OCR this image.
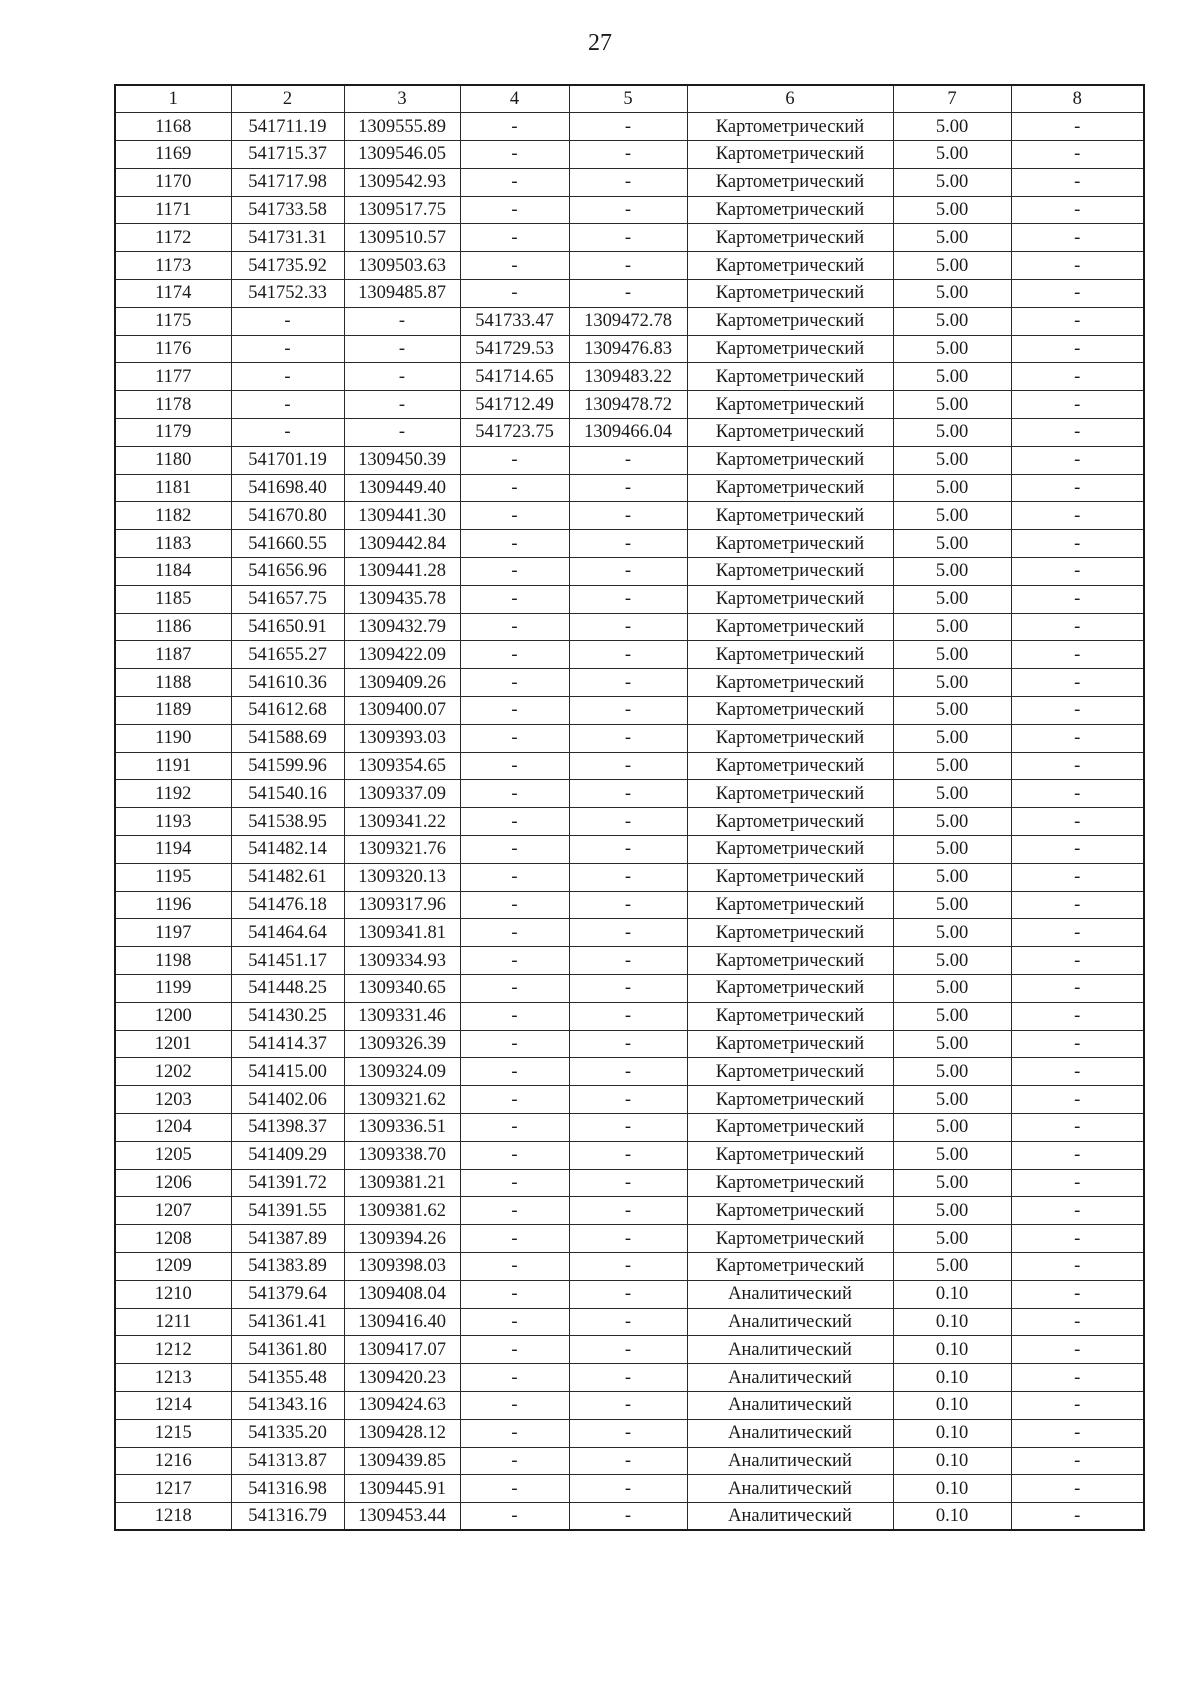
27
1	2	3	4	5	6	7	8
1168	541711.19	1309555.89	-	-	Картометрический	5.00	-
1169	541715.37	1309546.05	-	-	Картометрический	5.00	-
1170	541717.98	1309542.93	-	-	Картометрический	5.00	-
1171	541733.58	1309517.75	-	-	Картометрический	5.00	-
1172	541731.31	1309510.57	-	-	Картометрический	5.00	-
1173	541735.92	1309503.63	-	-	Картометрический	5.00	-
1174	541752.33	1309485.87	-	-	Картометрический	5.00	-
1175	-	-	541733.47	1309472.78	Картометрический	5.00	-
1176	-	-	541729.53	1309476.83	Картометрический	5.00	-
1177	-	-	541714.65	1309483.22	Картометрический	5.00	-
1178	-	-	541712.49	1309478.72	Картометрический	5.00	-
1179	-	-	541723.75	1309466.04	Картометрический	5.00	-
1180	541701.19	1309450.39	-	-	Картометрический	5.00	-
1181	541698.40	1309449.40	-	-	Картометрический	5.00	-
1182	541670.80	1309441.30	-	-	Картометрический	5.00	-
1183	541660.55	1309442.84	-	-	Картометрический	5.00	-
1184	541656.96	1309441.28	-	-	Картометрический	5.00	-
1185	541657.75	1309435.78	-	-	Картометрический	5.00	-
1186	541650.91	1309432.79	-	-	Картометрический	5.00	-
1187	541655.27	1309422.09	-	-	Картометрический	5.00	-
1188	541610.36	1309409.26	-	-	Картометрический	5.00	-
1189	541612.68	1309400.07	-	-	Картометрический	5.00	-
1190	541588.69	1309393.03	-	-	Картометрический	5.00	-
1191	541599.96	1309354.65	-	-	Картометрический	5.00	-
1192	541540.16	1309337.09	-	-	Картометрический	5.00	-
1193	541538.95	1309341.22	-	-	Картометрический	5.00	-
1194	541482.14	1309321.76	-	-	Картометрический	5.00	-
1195	541482.61	1309320.13	-	-	Картометрический	5.00	-
1196	541476.18	1309317.96	-	-	Картометрический	5.00	-
1197	541464.64	1309341.81	-	-	Картометрический	5.00	-
1198	541451.17	1309334.93	-	-	Картометрический	5.00	-
1199	541448.25	1309340.65	-	-	Картометрический	5.00	-
1200	541430.25	1309331.46	-	-	Картометрический	5.00	-
1201	541414.37	1309326.39	-	-	Картометрический	5.00	-
1202	541415.00	1309324.09	-	-	Картометрический	5.00	-
1203	541402.06	1309321.62	-	-	Картометрический	5.00	-
1204	541398.37	1309336.51	-	-	Картометрический	5.00	-
1205	541409.29	1309338.70	-	-	Картометрический	5.00	-
1206	541391.72	1309381.21	-	-	Картометрический	5.00	-
1207	541391.55	1309381.62	-	-	Картометрический	5.00	-
1208	541387.89	1309394.26	-	-	Картометрический	5.00	-
1209	541383.89	1309398.03	-	-	Картометрический	5.00	-
1210	541379.64	1309408.04	-	-	Аналитический	0.10	-
1211	541361.41	1309416.40	-	-	Аналитический	0.10	-
1212	541361.80	1309417.07	-	-	Аналитический	0.10	-
1213	541355.48	1309420.23	-	-	Аналитический	0.10	-
1214	541343.16	1309424.63	-	-	Аналитический	0.10	-
1215	541335.20	1309428.12	-	-	Аналитический	0.10	-
1216	541313.87	1309439.85	-	-	Аналитический	0.10	-
1217	541316.98	1309445.91	-	-	Аналитический	0.10	-
1218	541316.79	1309453.44	-	-	Аналитический	0.10	-
